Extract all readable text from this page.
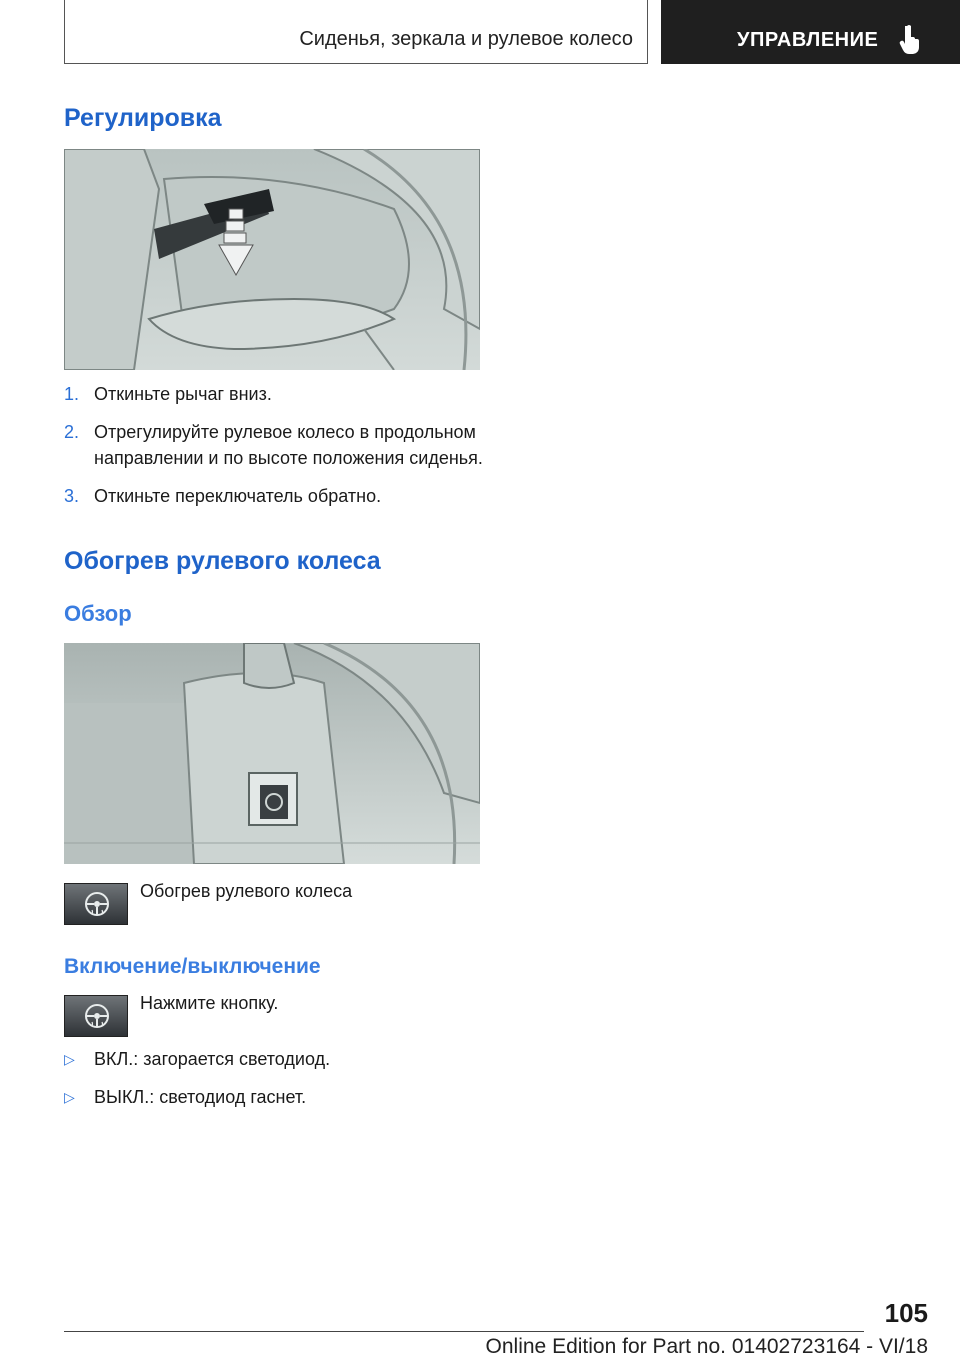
Сиденья, зеркала и рулевое колесо	УПРАВЛЕНИЕ
Регулировка
1. Откиньте рычаг вниз.
2. Отрегулируйте рулевое колесо в продольном направлении и по высоте положения сиденья.
3. Откиньте переключатель обратно.
Обогрев рулевого колеса
Обзор
Обогрев рулевого колеса
Включение/выключение
Нажмите кнопку.
▷ ВКЛ.: загорается светодиод.
▷ ВЫКЛ.: светодиод гаснет.
105
Online Edition for Part no. 01402723164 - VI/18
